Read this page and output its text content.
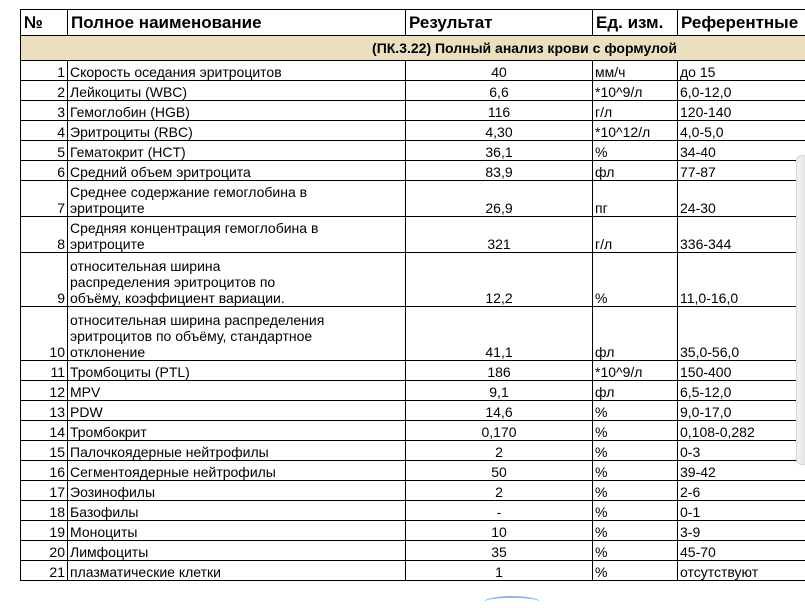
№	Полное наименование	Результат	Ед. изм.	Референтные
(ПК.3.22) Полный анализ крови с формулой				
1	Скорость оседания эритроцитов	40	мм/ч	до 15
2	Лейкоциты (WBC)	6,6	*10^9/л	6,0-12,0
3	Гемоглобин (HGB)	116	г/л	120-140
4	Эритроциты (RBC)	4,30	*10^12/л	4,0-5,0
5	Гематокрит (HCT)	36,1	%	34-40
6	Средний объем эритроцита	83,9	фл	77-87
7	Среднее содержание гемоглобина в
эритроците	26,9	пг	24-30
8	Средняя концентрация гемоглобина в
эритроците	321	г/л	336-344
9	относительная ширина
распределения эритроцитов по
объёму, коэффициент вариации.	12,2	%	11,0-16,0
10	относительная ширина распределения
эритроцитов по объёму, стандартное
отклонение	41,1	фл	35,0-56,0
11	Тромбоциты (PTL)	186	*10^9/л	150-400
12	MPV	9,1	фл	6,5-12,0
13	PDW	14,6	%	9,0-17,0
14	Тромбокрит	0,170	%	0,108-0,282
15	Палочкоядерные нейтрофилы	2	%	0-3
16	Сегментоядерные нейтрофилы	50	%	39-42
17	Эозинофилы	2	%	2-6
18	Базофилы	-	%	0-1
19	Моноциты	10	%	3-9
20	Лимфоциты	35	%	45-70
21	плазматические клетки	1	%	отсутствуют
